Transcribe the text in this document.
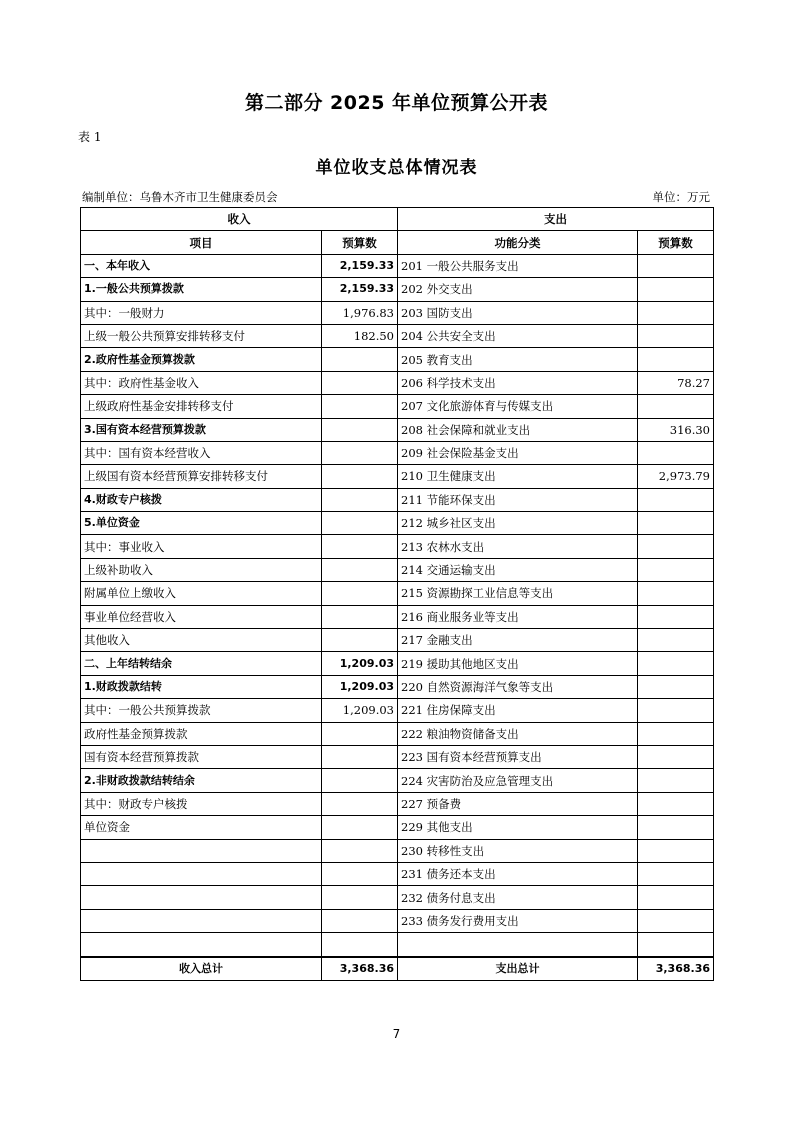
第二部分 2025 年单位预算公开表
表 1
单位收支总体情况表
编制单位：乌鲁木齐市卫生健康委员会	单位：万元
收入		支出	
项目	预算数	功能分类	预算数
一、本年收入	2,159.33	201 一般公共服务支出	
1.一般公共预算拨款	2,159.33	202 外交支出	
其中：一般财力	1,976.83	203 国防支出	
上级一般公共预算安排转移支付	182.50	204 公共安全支出	
2.政府性基金预算拨款		205 教育支出	
其中：政府性基金收入		206 科学技术支出	78.27
上级政府性基金安排转移支付		207 文化旅游体育与传媒支出	
3.国有资本经营预算拨款		208 社会保障和就业支出	316.30
其中：国有资本经营收入		209 社会保险基金支出	
上级国有资本经营预算安排转移支付		210 卫生健康支出	2,973.79
4.财政专户核拨		211 节能环保支出	
5.单位资金		212 城乡社区支出	
其中：事业收入		213 农林水支出	
上级补助收入		214 交通运输支出	
附属单位上缴收入		215 资源勘探工业信息等支出	
事业单位经营收入		216 商业服务业等支出	
其他收入		217 金融支出	
二、上年结转结余	1,209.03	219 援助其他地区支出	
1.财政拨款结转	1,209.03	220 自然资源海洋气象等支出	
其中：一般公共预算拨款	1,209.03	221 住房保障支出	
政府性基金预算拨款		222 粮油物资储备支出	
国有资本经营预算拨款		223 国有资本经营预算支出	
2.非财政拨款结转结余		224 灾害防治及应急管理支出	
其中：财政专户核拨		227 预备费	
单位资金		229 其他支出	
		230 转移性支出	
		231 债务还本支出	
		232 债务付息支出	
		233 债务发行费用支出	

收入总计	3,368.36	支出总计	3,368.36
7
